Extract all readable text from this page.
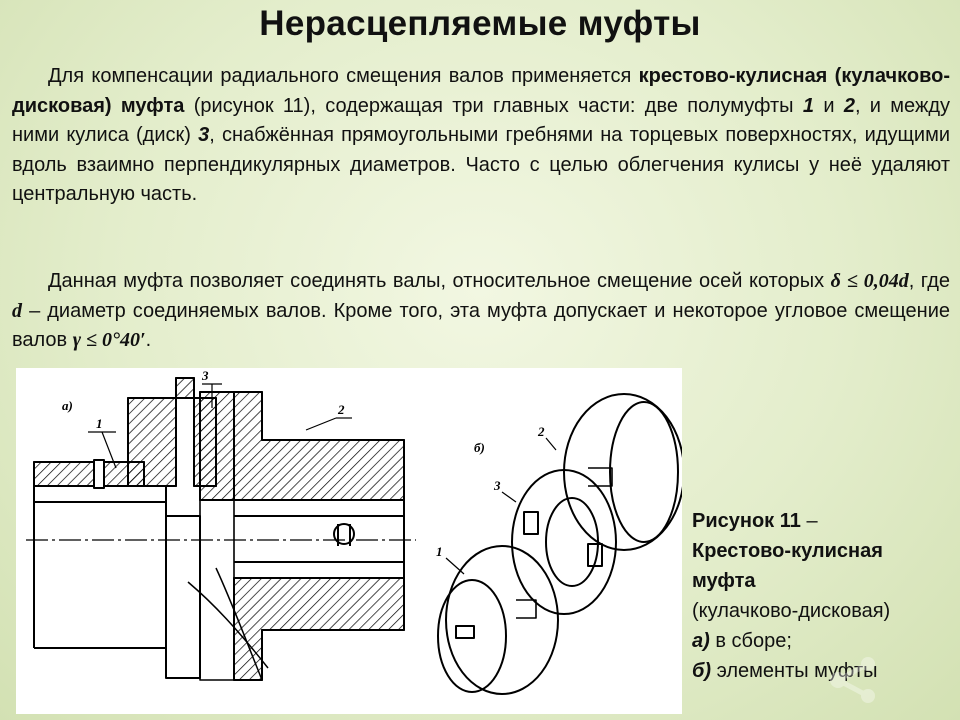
Нерасцепляемые муфты
Для компенсации радиального смещения валов применяется крестово-кулисная (кулачково-дисковая) муфта (рисунок 11), содержащая три главных части: две полумуфты 1 и 2, и между ними кулиса (диск) 3, снабжённая прямоугольными гребнями на торцевых поверхностях, идущими вдоль взаимно перпендикулярных диаметров. Часто с целью облегчения кулисы у неё удаляют центральную часть.
Данная муфта позволяет соединять валы, относительное смещение осей которых δ ≤ 0,04d, где d – диаметр соединяемых валов. Кроме того, эта муфта допускает и некоторое угловое смещение валов γ ≤ 0°40′.
а)
1
3
2
б)
2
3
1
Рисунок 11 –
Крестово-кулисная
муфта
(кулачково-дисковая)
а) в сборе;
б) элементы муфты
